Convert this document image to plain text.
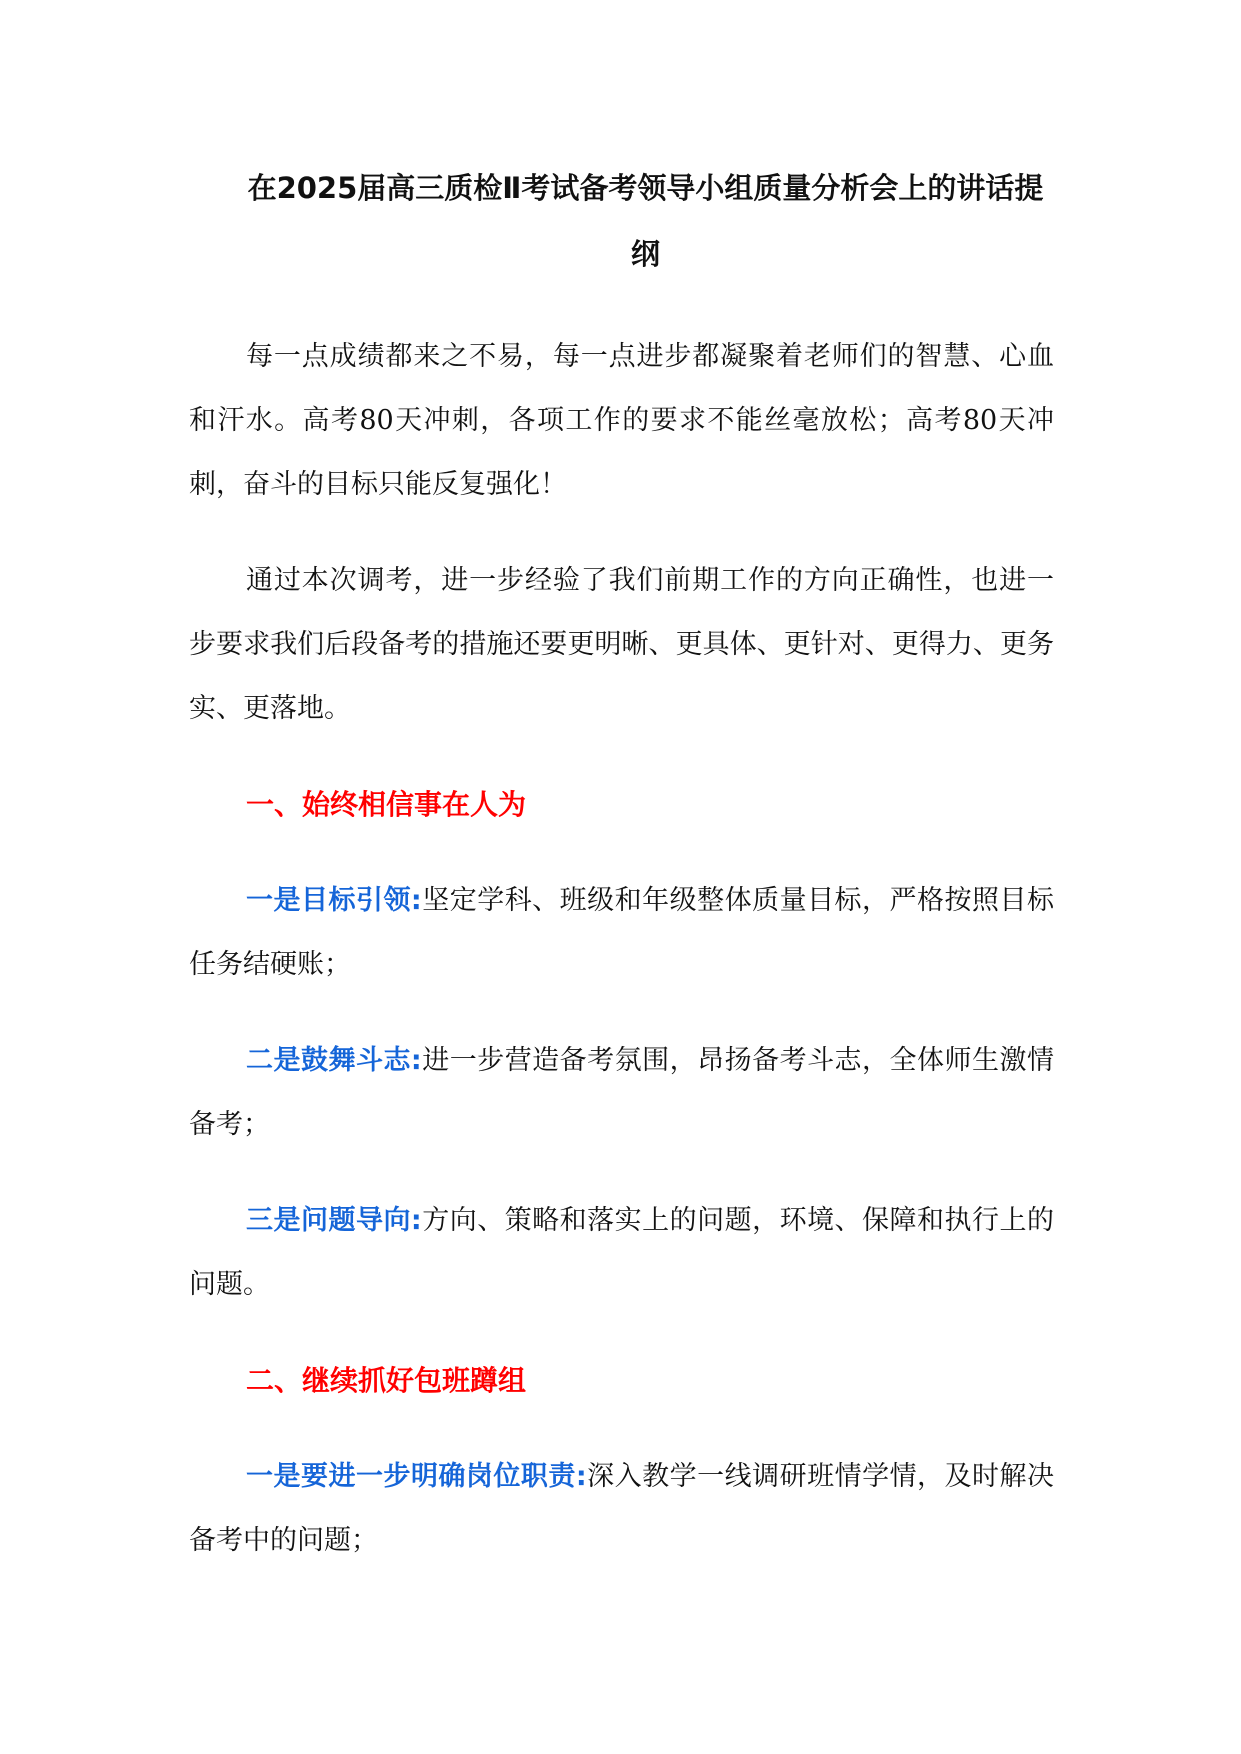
在2025届高三质检Ⅱ考试备考领导小组质量分析会上的讲话提纲

每一点成绩都来之不易，每一点进步都凝聚着老师们的智慧、心血和汗水。高考80天冲刺，各项工作的要求不能丝毫放松；高考80天冲刺，奋斗的目标只能反复强化！

通过本次调考，进一步经验了我们前期工作的方向正确性，也进一步要求我们后段备考的措施还要更明晰、更具体、更针对、更得力、更务实、更落地。

一、始终相信事在人为

一是目标引领:坚定学科、班级和年级整体质量目标，严格按照目标任务结硬账；

二是鼓舞斗志:进一步营造备考氛围，昂扬备考斗志，全体师生激情备考；

三是问题导向:方向、策略和落实上的问题，环境、保障和执行上的问题。

二、继续抓好包班蹲组

一是要进一步明确岗位职责:深入教学一线调研班情学情，及时解决备考中的问题；
